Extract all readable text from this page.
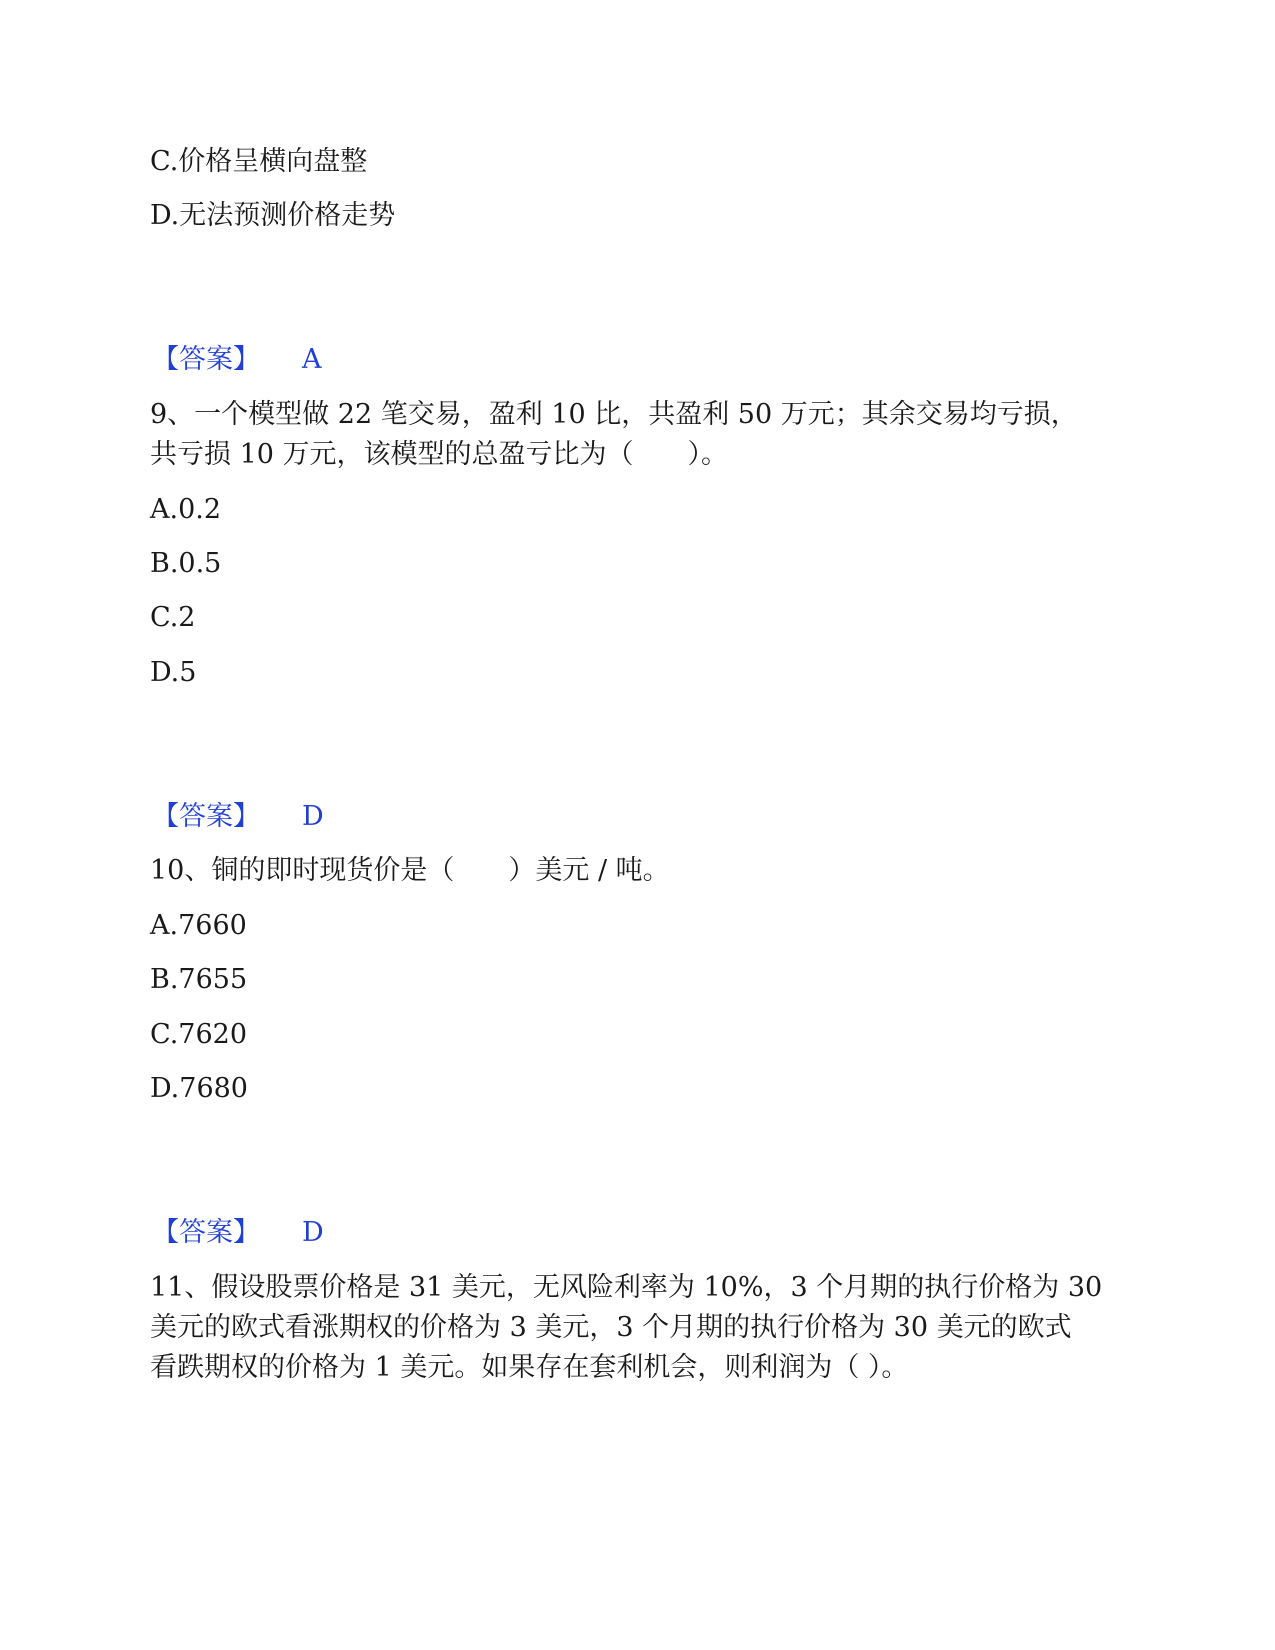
C.价格呈横向盘整
D.无法预测价格走势
【答案】 A
9、一个模型做 22 笔交易，盈利 10 比，共盈利 50 万元；其余交易均亏损，
共亏损 10 万元，该模型的总盈亏比为（　　）。
A.0.2
B.0.5
C.2
D.5
【答案】 D
10、铜的即时现货价是（　　）美元 / 吨。
A.7660
B.7655
C.7620
D.7680
【答案】 D
11、假设股票价格是 31 美元，无风险利率为 10%，3 个月期的执行价格为 30
美元的欧式看涨期权的价格为 3 美元，3 个月期的执行价格为 30 美元的欧式
看跌期权的价格为 1 美元。如果存在套利机会，则利润为（ ）。
